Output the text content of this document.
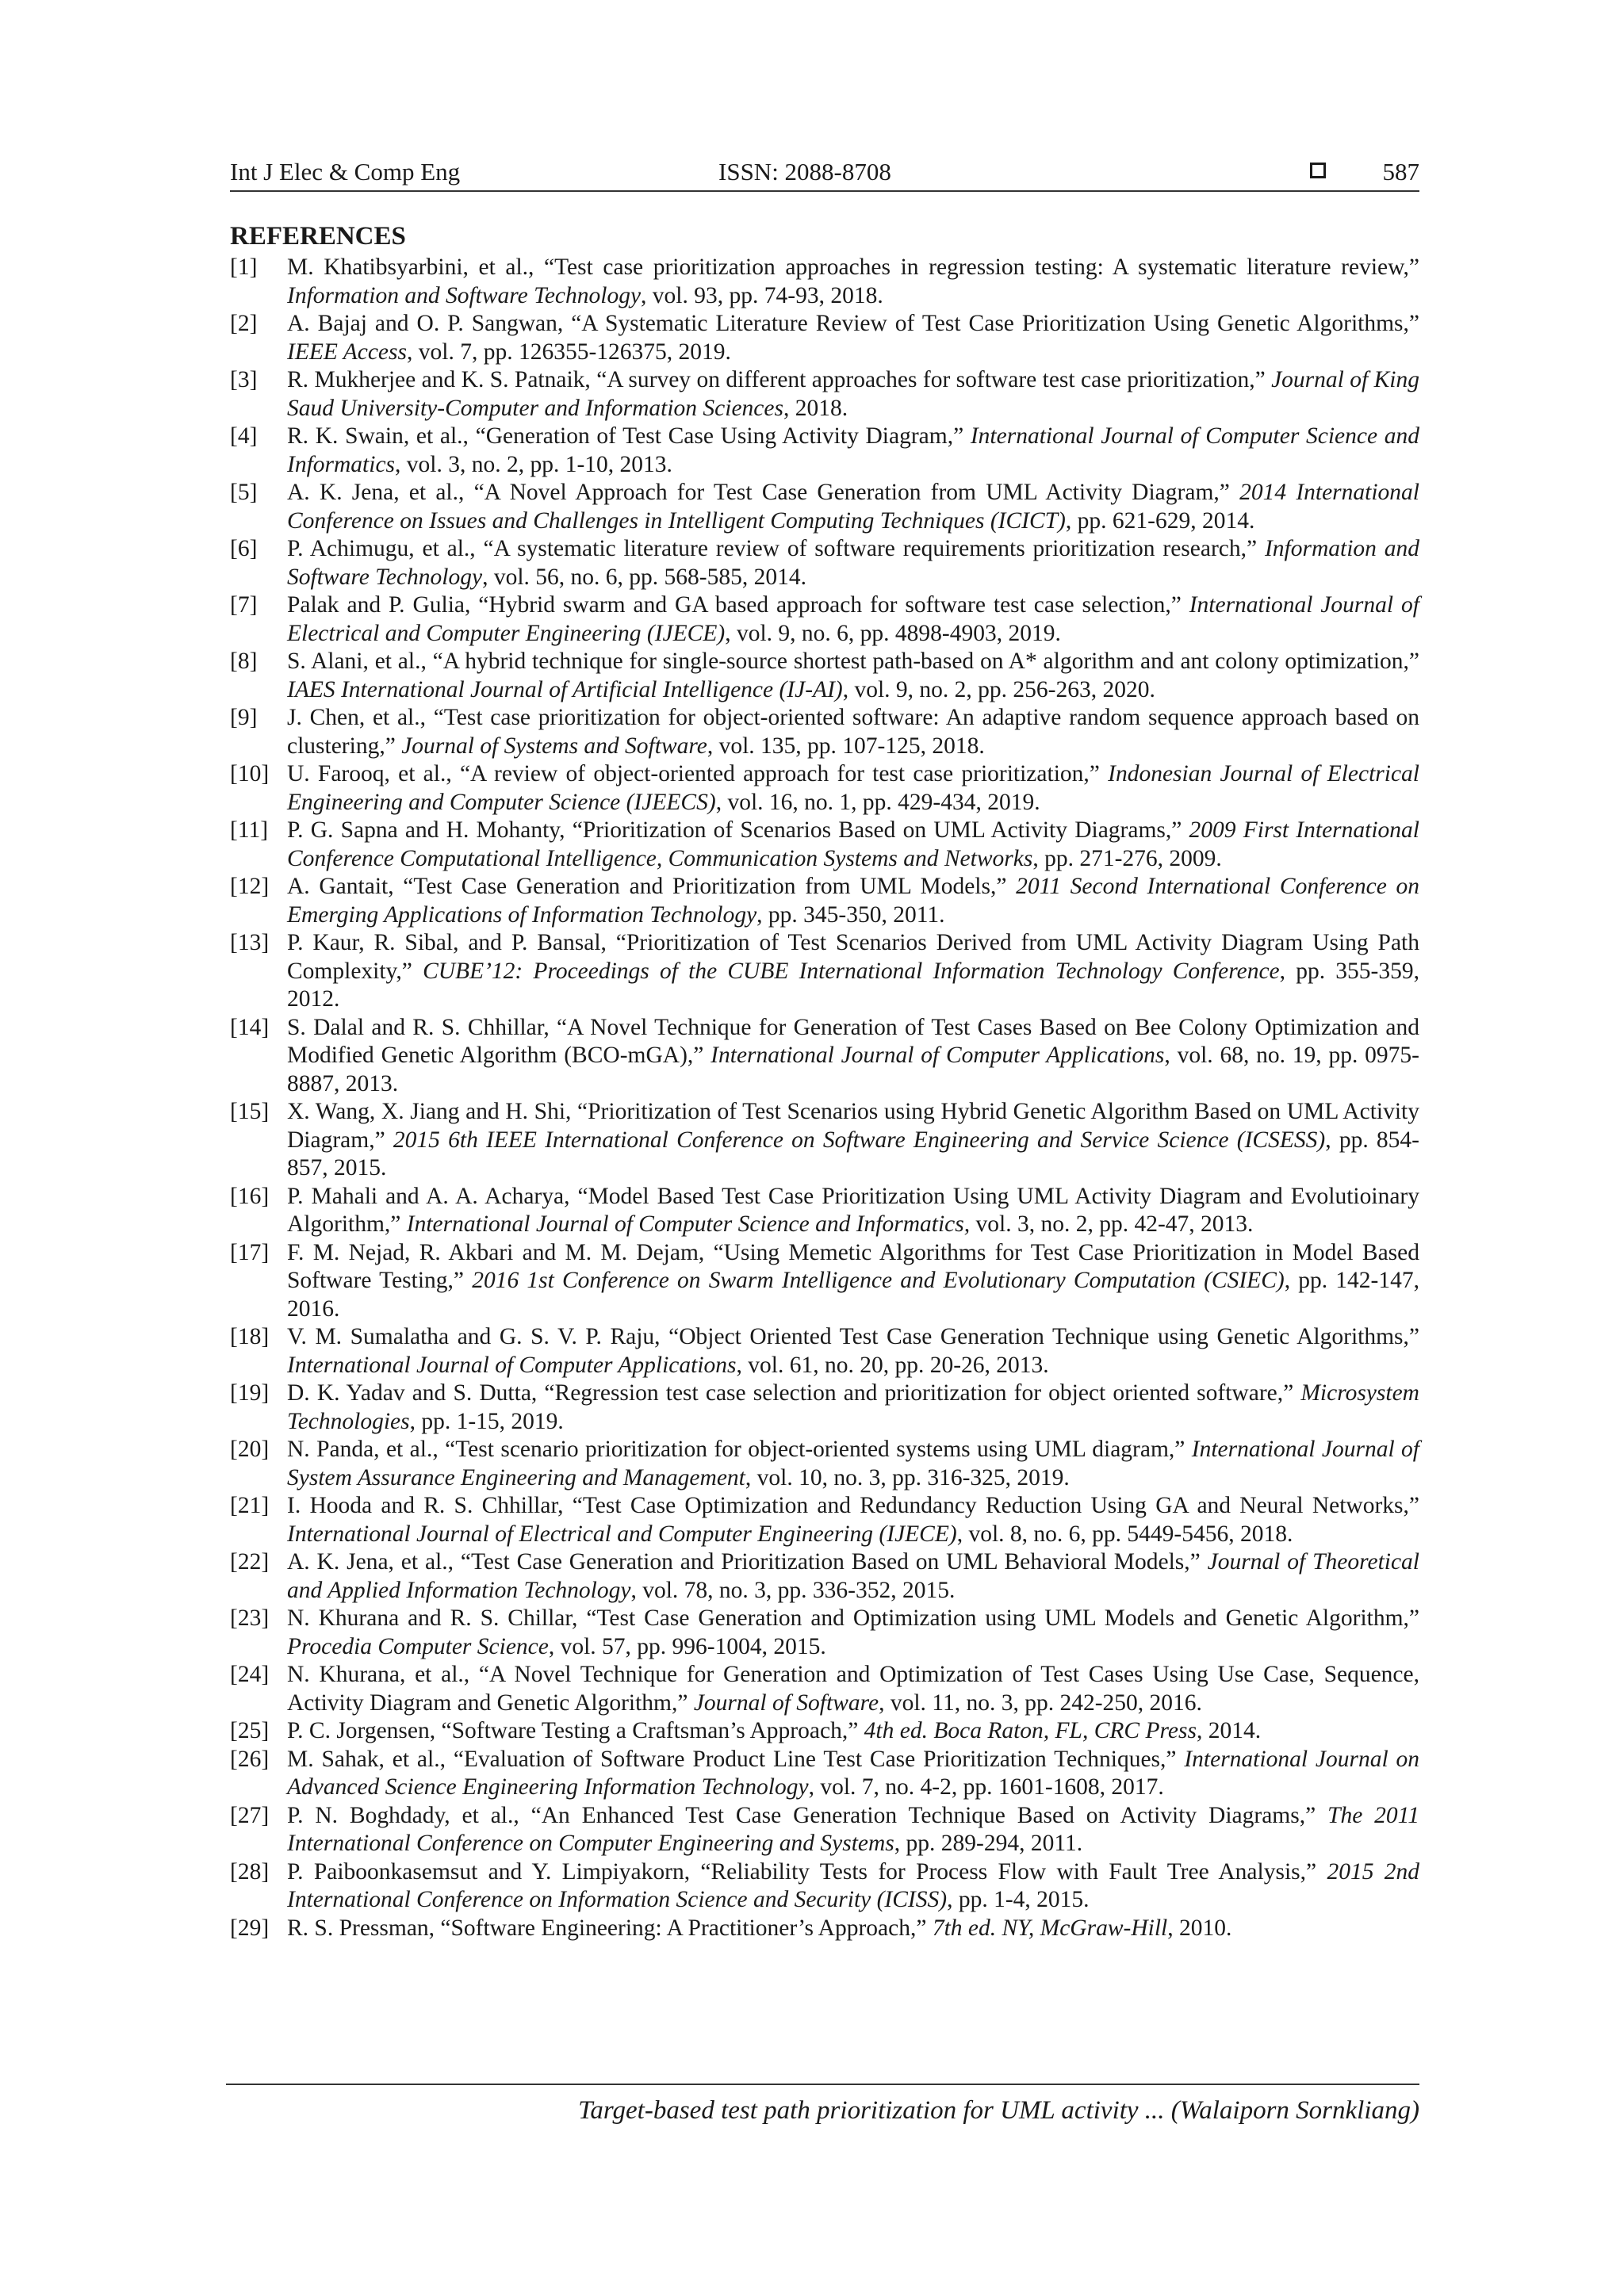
Int J Elec & Comp Eng	ISSN: 2088-8708	587
REFERENCES
[1]	M. Khatibsyarbini, et al., “Test case prioritization approaches in regression testing: A systematic literature review,” Information and Software Technology, vol. 93, pp. 74-93, 2018.
[2]	A. Bajaj and O. P. Sangwan, “A Systematic Literature Review of Test Case Prioritization Using Genetic Algorithms,” IEEE Access, vol. 7, pp. 126355-126375, 2019.
[3]	R. Mukherjee and K. S. Patnaik, “A survey on different approaches for software test case prioritization,” Journal of King Saud University-Computer and Information Sciences, 2018.
[4]	R. K. Swain, et al., “Generation of Test Case Using Activity Diagram,” International Journal of Computer Science and Informatics, vol. 3, no. 2, pp. 1-10, 2013.
[5]	A. K. Jena, et al., “A Novel Approach for Test Case Generation from UML Activity Diagram,” 2014 International Conference on Issues and Challenges in Intelligent Computing Techniques (ICICT), pp. 621-629, 2014.
[6]	P. Achimugu, et al., “A systematic literature review of software requirements prioritization research,” Information and Software Technology, vol. 56, no. 6, pp. 568-585, 2014.
[7]	Palak and P. Gulia, “Hybrid swarm and GA based approach for software test case selection,” International Journal of Electrical and Computer Engineering (IJECE), vol. 9, no. 6, pp. 4898-4903, 2019.
[8]	S. Alani, et al., “A hybrid technique for single-source shortest path-based on A* algorithm and ant colony optimization,” IAES International Journal of Artificial Intelligence (IJ-AI), vol. 9, no. 2, pp. 256-263, 2020.
[9]	J. Chen, et al., “Test case prioritization for object-oriented software: An adaptive random sequence approach based on clustering,” Journal of Systems and Software, vol. 135, pp. 107-125, 2018.
[10] U. Farooq, et al., “A review of object-oriented approach for test case prioritization,” Indonesian Journal of Electrical Engineering and Computer Science (IJEECS), vol. 16, no. 1, pp. 429-434, 2019.
[11] P. G. Sapna and H. Mohanty, “Prioritization of Scenarios Based on UML Activity Diagrams,” 2009 First International Conference Computational Intelligence, Communication Systems and Networks, pp. 271-276, 2009.
[12] A. Gantait, “Test Case Generation and Prioritization from UML Models,” 2011 Second International Conference on Emerging Applications of Information Technology, pp. 345-350, 2011.
[13] P. Kaur, R. Sibal, and P. Bansal, “Prioritization of Test Scenarios Derived from UML Activity Diagram Using Path Complexity,” CUBE’12: Proceedings of the CUBE International Information Technology Conference, pp. 355-359, 2012.
[14] S. Dalal and R. S. Chhillar, “A Novel Technique for Generation of Test Cases Based on Bee Colony Optimization and Modified Genetic Algorithm (BCO-mGA),” International Journal of Computer Applications, vol. 68, no. 19, pp. 0975-8887, 2013.
[15] X. Wang, X. Jiang and H. Shi, “Prioritization of Test Scenarios using Hybrid Genetic Algorithm Based on UML Activity Diagram,” 2015 6th IEEE International Conference on Software Engineering and Service Science (ICSESS), pp. 854-857, 2015.
[16] P. Mahali and A. A. Acharya, “Model Based Test Case Prioritization Using UML Activity Diagram and Evolutioinary Algorithm,” International Journal of Computer Science and Informatics, vol. 3, no. 2, pp. 42-47, 2013.
[17] F. M. Nejad, R. Akbari and M. M. Dejam, “Using Memetic Algorithms for Test Case Prioritization in Model Based Software Testing,” 2016 1st Conference on Swarm Intelligence and Evolutionary Computation (CSIEC), pp. 142-147, 2016.
[18] V. M. Sumalatha and G. S. V. P. Raju, “Object Oriented Test Case Generation Technique using Genetic Algorithms,” International Journal of Computer Applications, vol. 61, no. 20, pp. 20-26, 2013.
[19] D. K. Yadav and S. Dutta, “Regression test case selection and prioritization for object oriented software,” Microsystem Technologies, pp. 1-15, 2019.
[20] N. Panda, et al., “Test scenario prioritization for object-oriented systems using UML diagram,” International Journal of System Assurance Engineering and Management, vol. 10, no. 3, pp. 316-325, 2019.
[21] I. Hooda and R. S. Chhillar, “Test Case Optimization and Redundancy Reduction Using GA and Neural Networks,” International Journal of Electrical and Computer Engineering (IJECE), vol. 8, no. 6, pp. 5449-5456, 2018.
[22] A. K. Jena, et al., “Test Case Generation and Prioritization Based on UML Behavioral Models,” Journal of Theoretical and Applied Information Technology, vol. 78, no. 3, pp. 336-352, 2015.
[23] N. Khurana and R. S. Chillar, “Test Case Generation and Optimization using UML Models and Genetic Algorithm,” Procedia Computer Science, vol. 57, pp. 996-1004, 2015.
[24] N. Khurana, et al., “A Novel Technique for Generation and Optimization of Test Cases Using Use Case, Sequence, Activity Diagram and Genetic Algorithm,” Journal of Software, vol. 11, no. 3, pp. 242-250, 2016.
[25] P. C. Jorgensen, “Software Testing a Craftsman’s Approach,” 4th ed. Boca Raton, FL, CRC Press, 2014.
[26] M. Sahak, et al., “Evaluation of Software Product Line Test Case Prioritization Techniques,” International Journal on Advanced Science Engineering Information Technology, vol. 7, no. 4-2, pp. 1601-1608, 2017.
[27] P. N. Boghdady, et al., “An Enhanced Test Case Generation Technique Based on Activity Diagrams,” The 2011 International Conference on Computer Engineering and Systems, pp. 289-294, 2011.
[28] P. Paiboonkasemsut and Y. Limpiyakorn, “Reliability Tests for Process Flow with Fault Tree Analysis,” 2015 2nd International Conference on Information Science and Security (ICISS), pp. 1-4, 2015.
[29] R. S. Pressman, “Software Engineering: A Practitioner’s Approach,” 7th ed. NY, McGraw-Hill, 2010.
Target-based test path prioritization for UML activity ... (Walaiporn Sornkliang)
